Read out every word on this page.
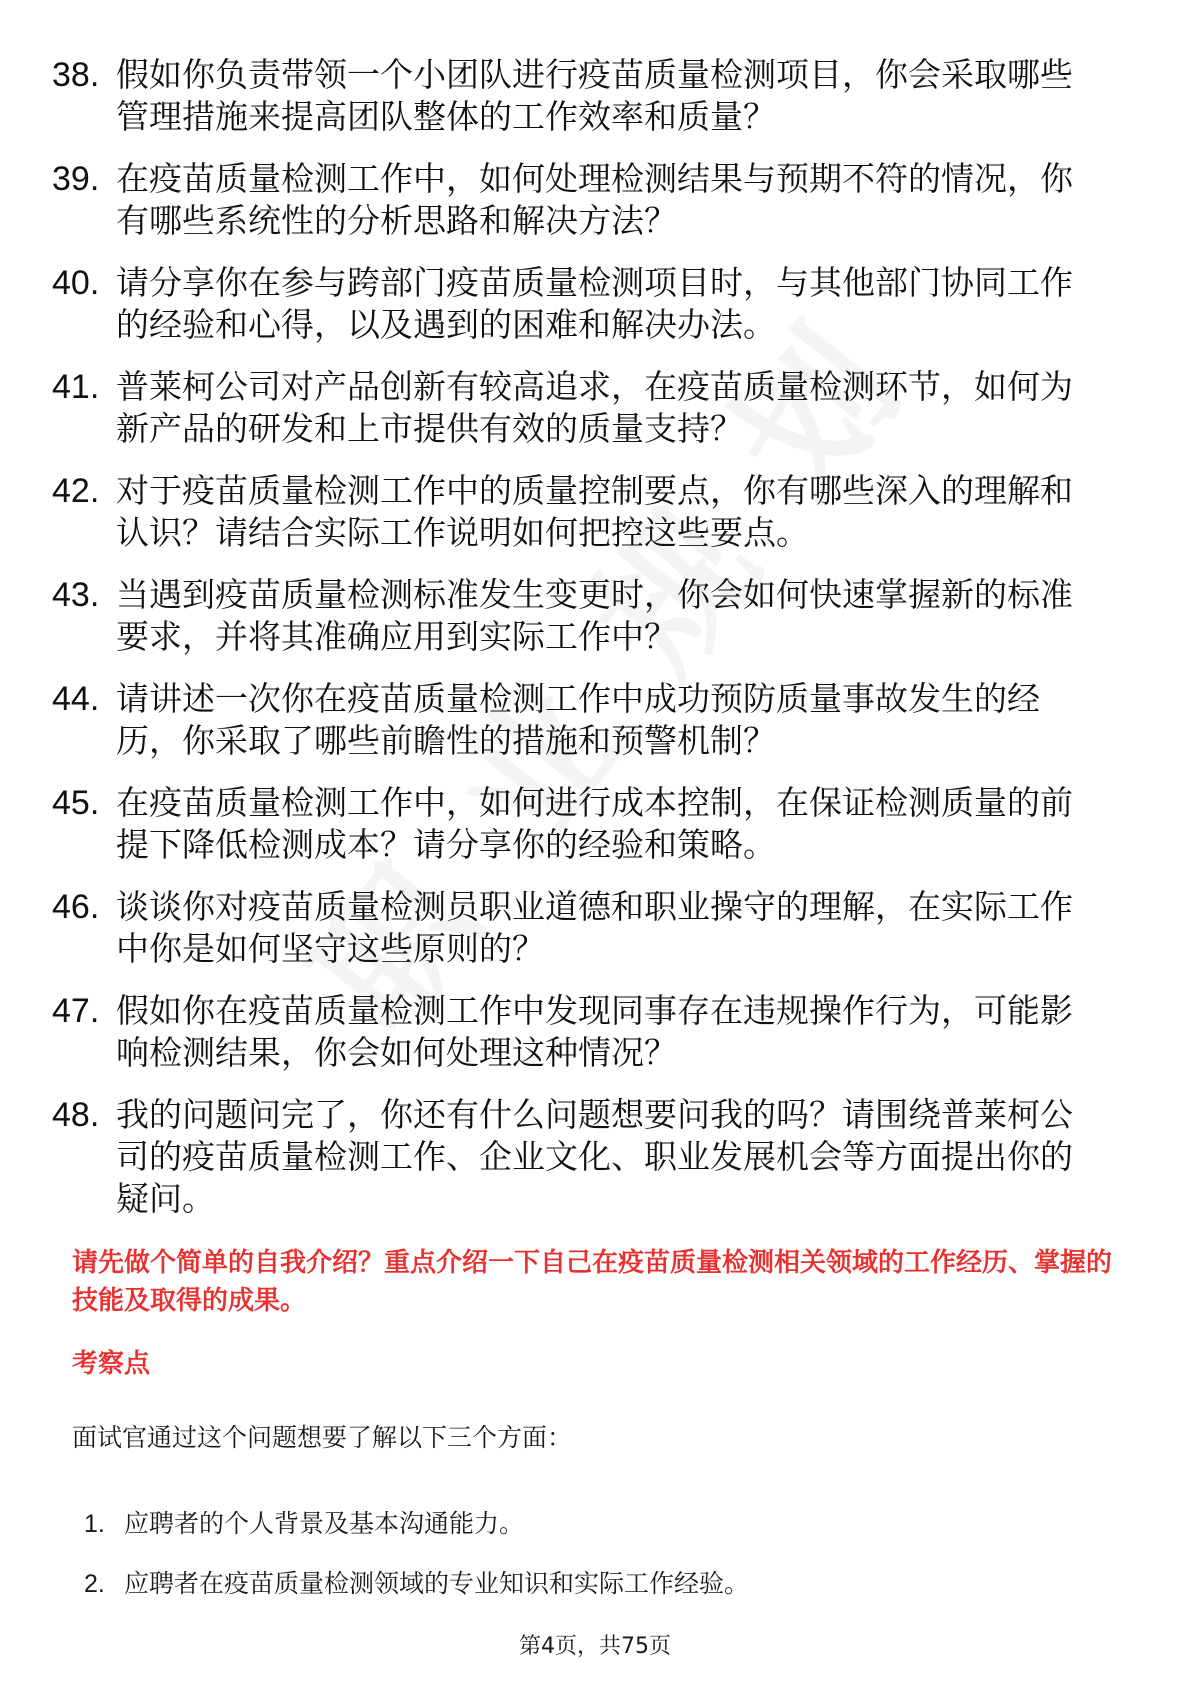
38. 假如你负责带领一个小团队进行疫苗质量检测项目，你会采取哪些管理措施来提高团队整体的工作效率和质量？
39. 在疫苗质量检测工作中，如何处理检测结果与预期不符的情况，你有哪些系统性的分析思路和解决方法？
40. 请分享你在参与跨部门疫苗质量检测项目时，与其他部门协同工作的经验和心得，以及遇到的困难和解决办法。
41. 普莱柯公司对产品创新有较高追求，在疫苗质量检测环节，如何为新产品的研发和上市提供有效的质量支持？
42. 对于疫苗质量检测工作中的质量控制要点，你有哪些深入的理解和认识？请结合实际工作说明如何把控这些要点。
43. 当遇到疫苗质量检测标准发生变更时，你会如何快速掌握新的标准要求，并将其准确应用到实际工作中？
44. 请讲述一次你在疫苗质量检测工作中成功预防质量事故发生的经历，你采取了哪些前瞻性的措施和预警机制？
45. 在疫苗质量检测工作中，如何进行成本控制，在保证检测质量的前提下降低检测成本？请分享你的经验和策略。
46. 谈谈你对疫苗质量检测员职业道德和职业操守的理解，在实际工作中你是如何坚守这些原则的？
47. 假如你在疫苗质量检测工作中发现同事存在违规操作行为，可能影响检测结果，你会如何处理这种情况？
48. 我的问题问完了，你还有什么问题想要问我的吗？请围绕普莱柯公司的疫苗质量检测工作、企业文化、职业发展机会等方面提出你的疑问。

请先做个简单的自我介绍？重点介绍一下自己在疫苗质量检测相关领域的工作经历、掌握的技能及取得的成果。

考察点

面试官通过这个问题想要了解以下三个方面：

1. 应聘者的个人背景及基本沟通能力。
2. 应聘者在疫苗质量检测领域的专业知识和实际工作经验。
第4页，共75页
